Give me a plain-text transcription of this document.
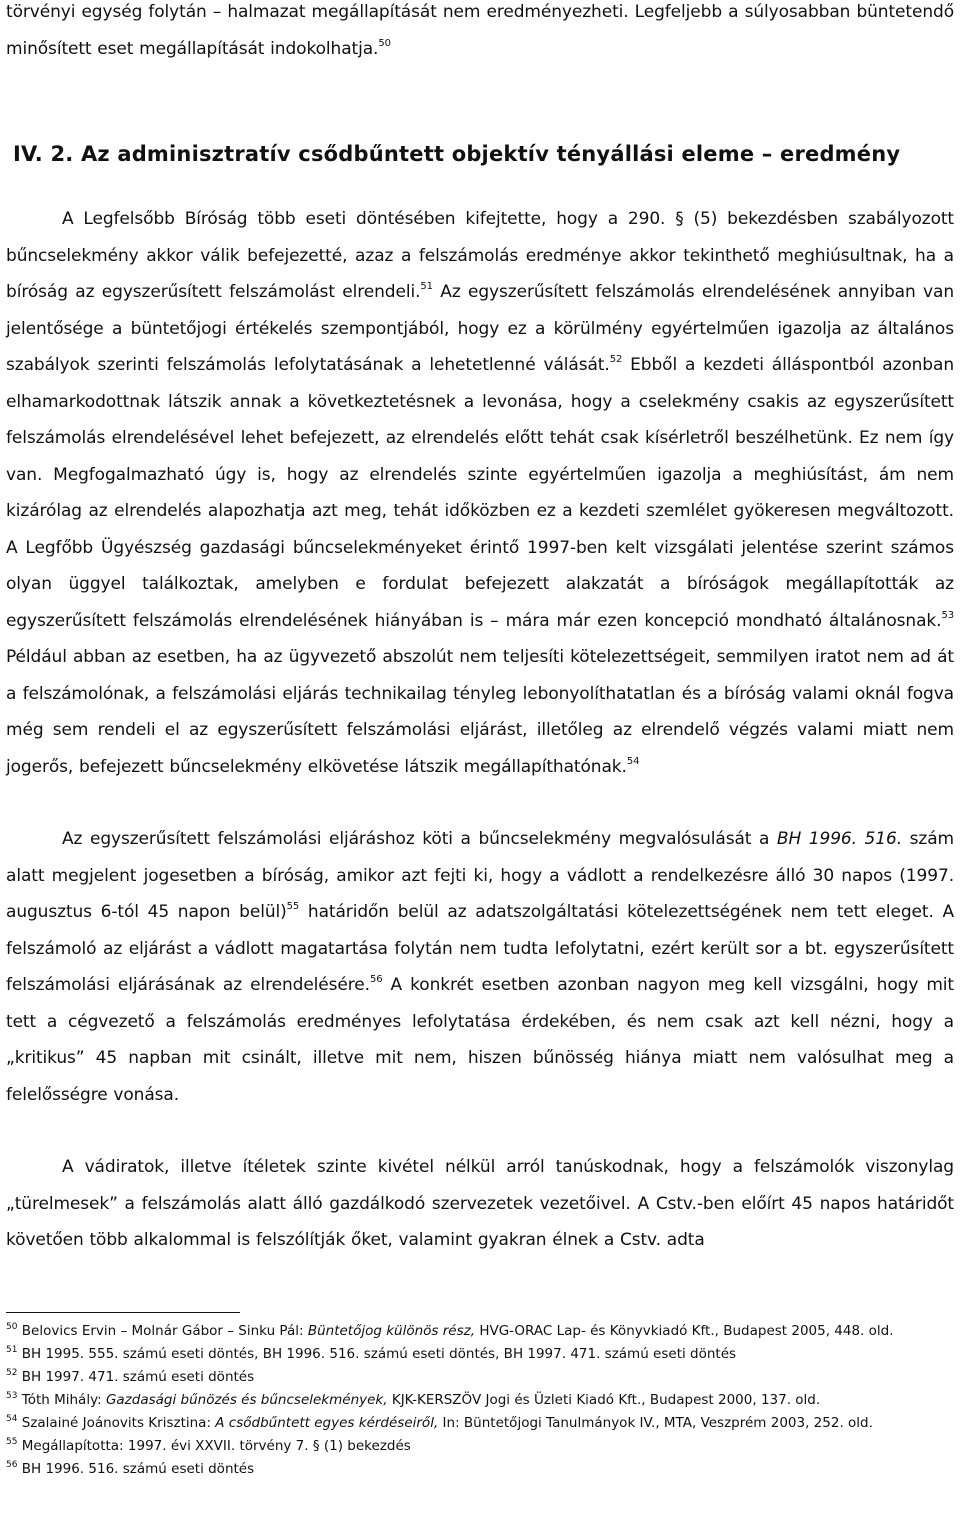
törvényi egység folytán – halmazat megállapítását nem eredményezheti. Legfeljebb a súlyosabban büntetendő minősített eset megállapítását indokolhatja.$^{50}$

IV. 2. Az adminisztratív csődbűntett objektív tényállási eleme – eredmény

A Legfelsőbb Bíróság több eseti döntésében kifejtette, hogy a 290. § (5) bekezdésben szabályozott bűncselekmény akkor válik befejezetté, azaz a felszámolás eredménye akkor tekinthető meghiúsultnak, ha a bíróság az egyszerűsített felszámolást elrendeli.$^{51}$ Az egyszerűsített felszámolás elrendelésének annyiban van jelentősége a büntetőjogi értékelés szempontjából, hogy ez a körülmény egyértelműen igazolja az általános szabályok szerinti felszámolás lefolytatásának a lehetetlenné válását.$^{52}$ Ebből a kezdeti álláspontból azonban elhamarkodottnak látszik annak a következtetésnek a levonása, hogy a cselekmény csakis az egyszerűsített felszámolás elrendelésével lehet befejezett, az elrendelés előtt tehát csak kísérletről beszélhetünk. Ez nem így van. Megfogalmazható úgy is, hogy az elrendelés szinte egyértelműen igazolja a meghiúsítást, ám nem kizárólag az elrendelés alapozhatja azt meg, tehát időközben ez a kezdeti szemlélet gyökeresen megváltozott. A Legfőbb Ügyészség gazdasági bűncselekményeket érintő 1997-ben kelt vizsgálati jelentése szerint számos olyan üggyel találkoztak, amelyben e fordulat befejezett alakzatát a bíróságok megállapították az egyszerűsített felszámolás elrendelésének hiányában is – mára már ezen koncepció mondható általánosnak.$^{53}$ Például abban az esetben, ha az ügyvezető abszolút nem teljesíti kötelezettségeit, semmilyen iratot nem ad át a felszámolónak, a felszámolási eljárás technikailag tényleg lebonyolíthatatlan és a bíróság valami oknál fogva még sem rendeli el az egyszerűsített felszámolási eljárást, illetőleg az elrendelő végzés valami miatt nem jogerős, befejezett bűncselekmény elkövetése látszik megállapíthatónak.$^{54}$

Az egyszerűsített felszámolási eljáráshoz köti a bűncselekmény megvalósulását a BH 1996. 516. szám alatt megjelent jogesetben a bíróság, amikor azt fejti ki, hogy a vádlott a rendelkezésre álló 30 napos (1997. augusztus 6-tól 45 napon belül)$^{55}$ határidőn belül az adatszolgáltatási kötelezettségének nem tett eleget. A felszámoló az eljárást a vádlott magatartása folytán nem tudta lefolytatni, ezért került sor a bt. egyszerűsített felszámolási eljárásának az elrendelésére.$^{56}$ A konkrét esetben azonban nagyon meg kell vizsgálni, hogy mit tett a cégvezető a felszámolás eredményes lefolytatása érdekében, és nem csak azt kell nézni, hogy a „kritikus” 45 napban mit csinált, illetve mit nem, hiszen bűnösség hiánya miatt nem valósulhat meg a felelősségre vonása.

A vádiratok, illetve ítéletek szinte kivétel nélkül arról tanúskodnak, hogy a felszámolók viszonylag „türelmesek” a felszámolás alatt álló gazdálkodó szervezetek vezetőivel. A Cstv.-ben előírt 45 napos határidőt követően több alkalommal is felszólítják őket, valamint gyakran élnek a Cstv. adta

$^{50}$ Belovics Ervin – Molnár Gábor – Sinku Pál: Büntetőjog különös rész, HVG-ORAC Lap- és Könyvkiadó Kft., Budapest 2005, 448. old.

$^{51}$ BH 1995. 555. számú eseti döntés, BH 1996. 516. számú eseti döntés, BH 1997. 471. számú eseti döntés

$^{52}$ BH 1997. 471. számú eseti döntés

$^{53}$ Tóth Mihály: Gazdasági bűnözés és bűncselekmények, KJK-KERSZÖV Jogi és Üzleti Kiadó Kft., Budapest 2000, 137. old.

$^{54}$ Szalainé Joánovits Krisztina: A csődbűntett egyes kérdéseiről, In: Büntetőjogi Tanulmányok IV., MTA, Veszprém 2003, 252. old.

$^{55}$ Megállapította: 1997. évi XXVII. törvény 7. § (1) bekezdés

$^{56}$ BH 1996. 516. számú eseti döntés
